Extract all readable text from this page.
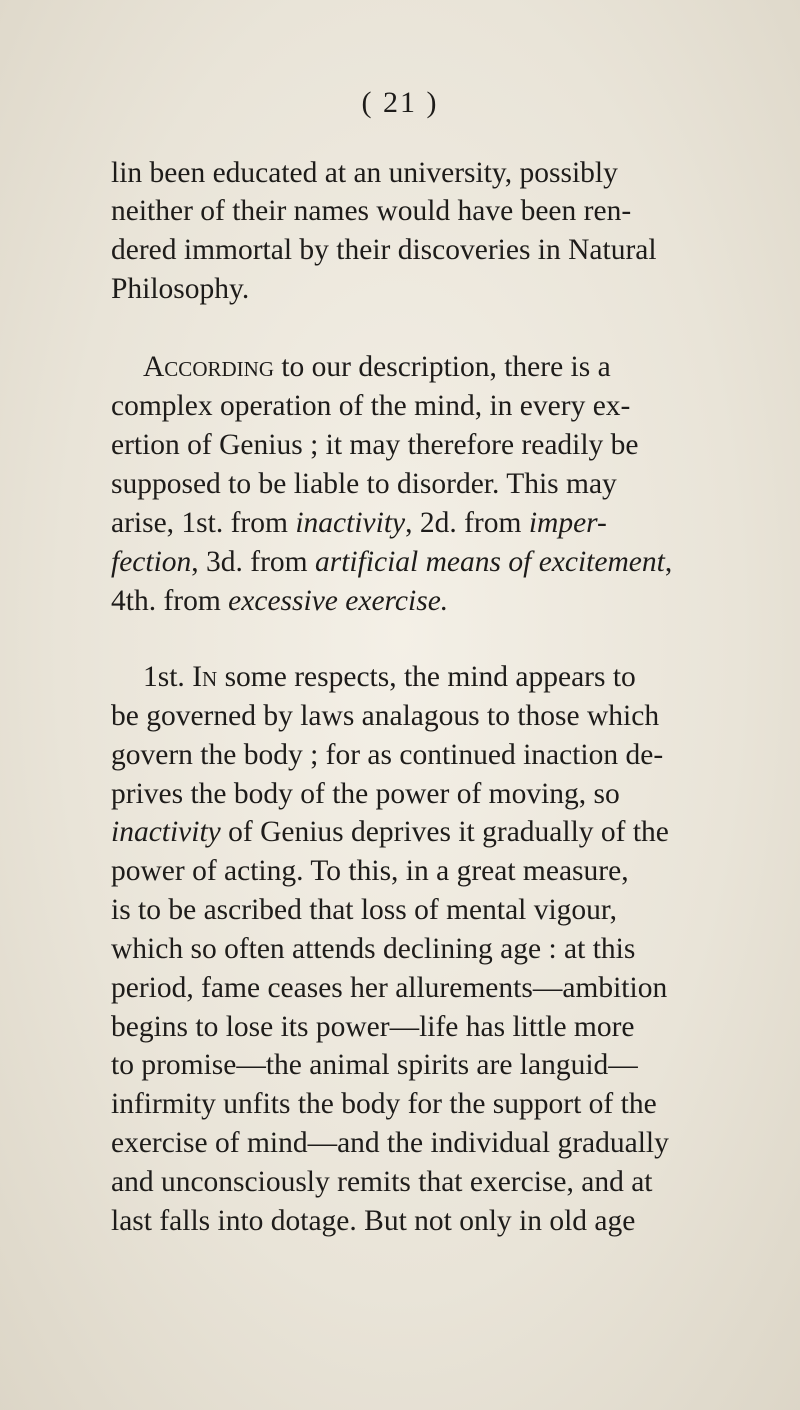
( 21 )
lin been educated at an university, possibly
neither of their names would have been ren-
dered immortal by their discoveries in Natural
Philosophy.
According to our description, there is a
complex operation of the mind, in every ex-
ertion of Genius ; it may therefore readily be
supposed to be liable to disorder. This may
arise, 1st. from inactivity, 2d. from imper-
fection, 3d. from artificial means of excitement,
4th. from excessive exercise.
1st. In some respects, the mind appears to
be governed by laws analagous to those which
govern the body ; for as continued inaction de-
prives the body of the power of moving, so
inactivity of Genius deprives it gradually of the
power of acting. To this, in a great measure,
is to be ascribed that loss of mental vigour,
which so often attends declining age : at this
period, fame ceases her allurements—ambition
begins to lose its power—life has little more
to promise—the animal spirits are languid—
infirmity unfits the body for the support of the
exercise of mind—and the individual gradually
and unconsciously remits that exercise, and at
last falls into dotage. But not only in old age
